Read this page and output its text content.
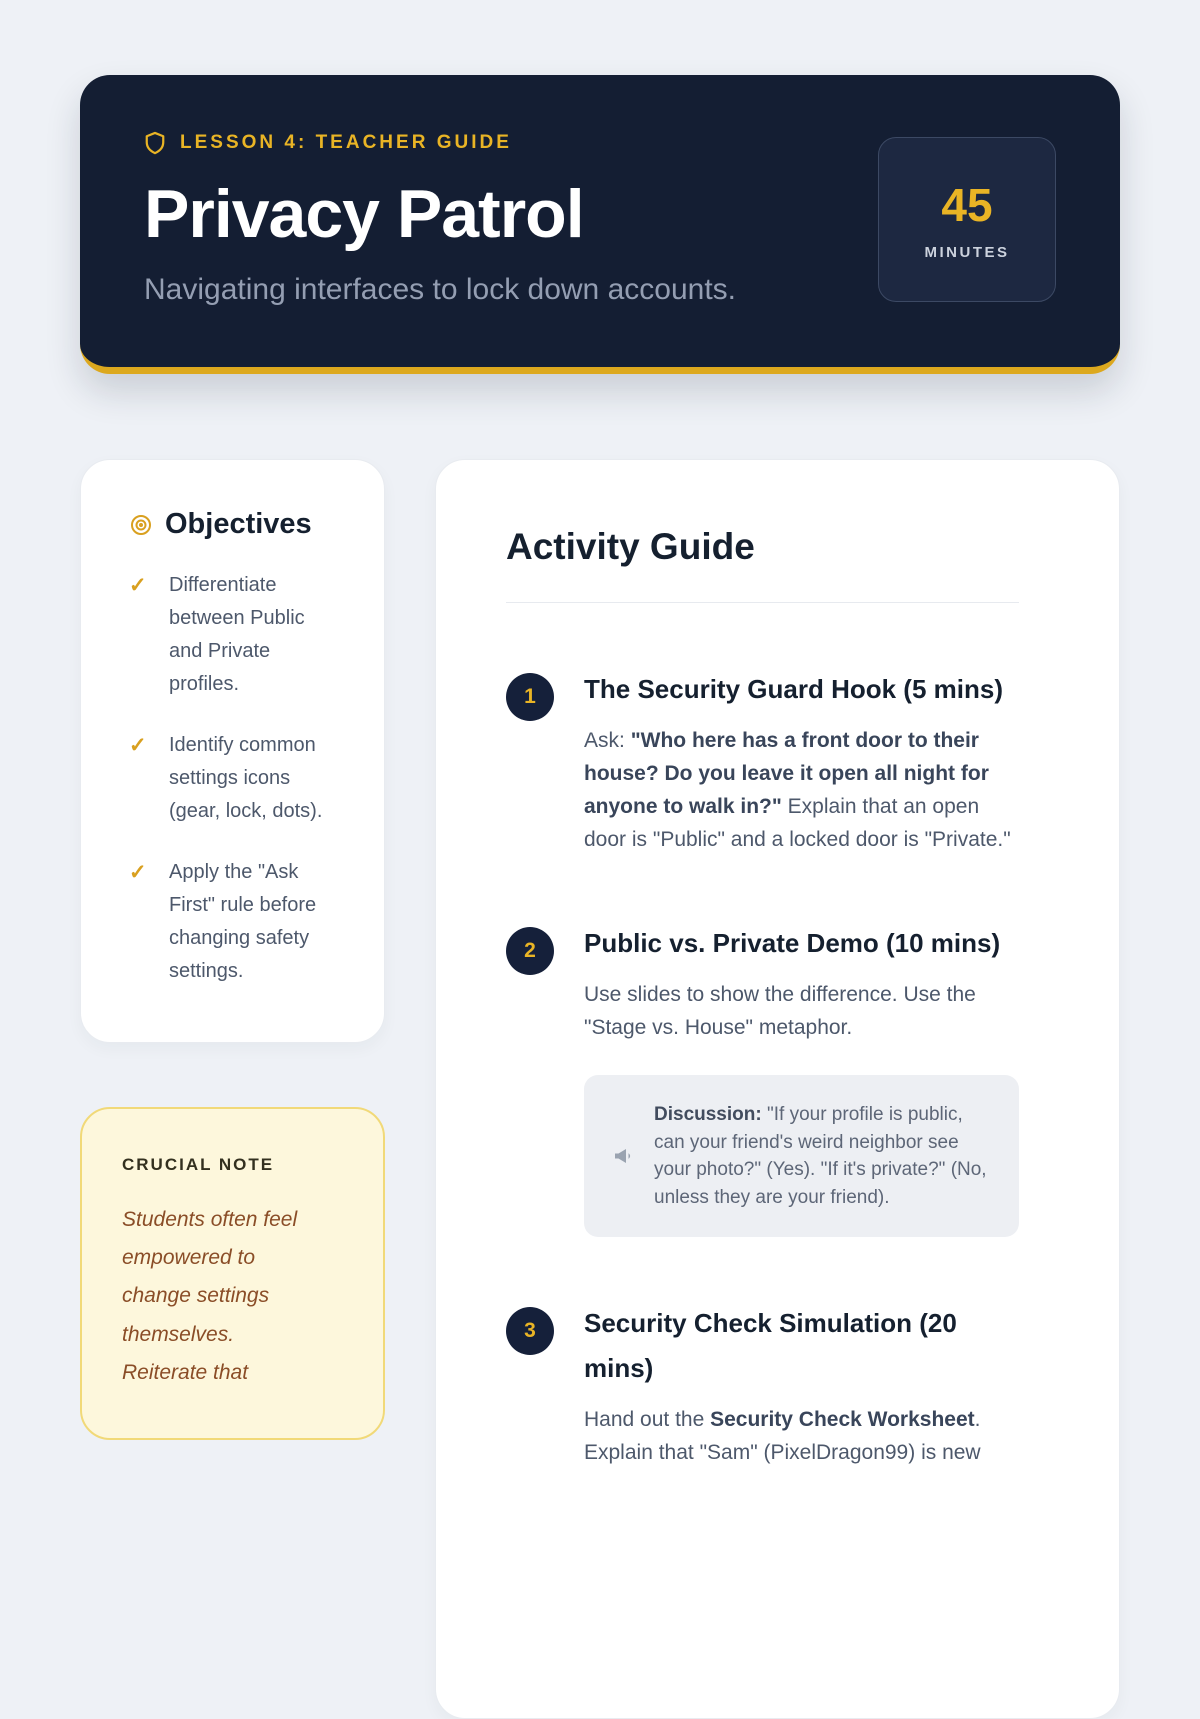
LESSON 4: TEACHER GUIDE
Privacy Patrol

Navigating interfaces to lock down accounts.

45
MINUTES
Objectives
✓	Differentiate between Public and Private profiles.
✓	Identify common settings icons (gear, lock, dots).
✓	Apply the "Ask First" rule before changing safety settings.
CRUCIAL NOTE

Students often feel empowered to change settings themselves. Reiterate that

Activity Guide
1	The Security Guard Hook (5 mins)

Ask: "Who here has a front door to their house? Do you leave it open all night for anyone to walk in?" Explain that an open door is "Public" and a locked door is "Private."

2	Public vs. Private Demo (10 mins)

Use slides to show the difference. Use the "Stage vs. House" metaphor.

Discussion: "If your profile is public, can your friend's weird neighbor see your photo?" (Yes). "If it's private?" (No, unless they are your friend).

3	Security Check Simulation (20 mins)

Hand out the Security Check Worksheet. Explain that "Sam" (PixelDragon99) is new
